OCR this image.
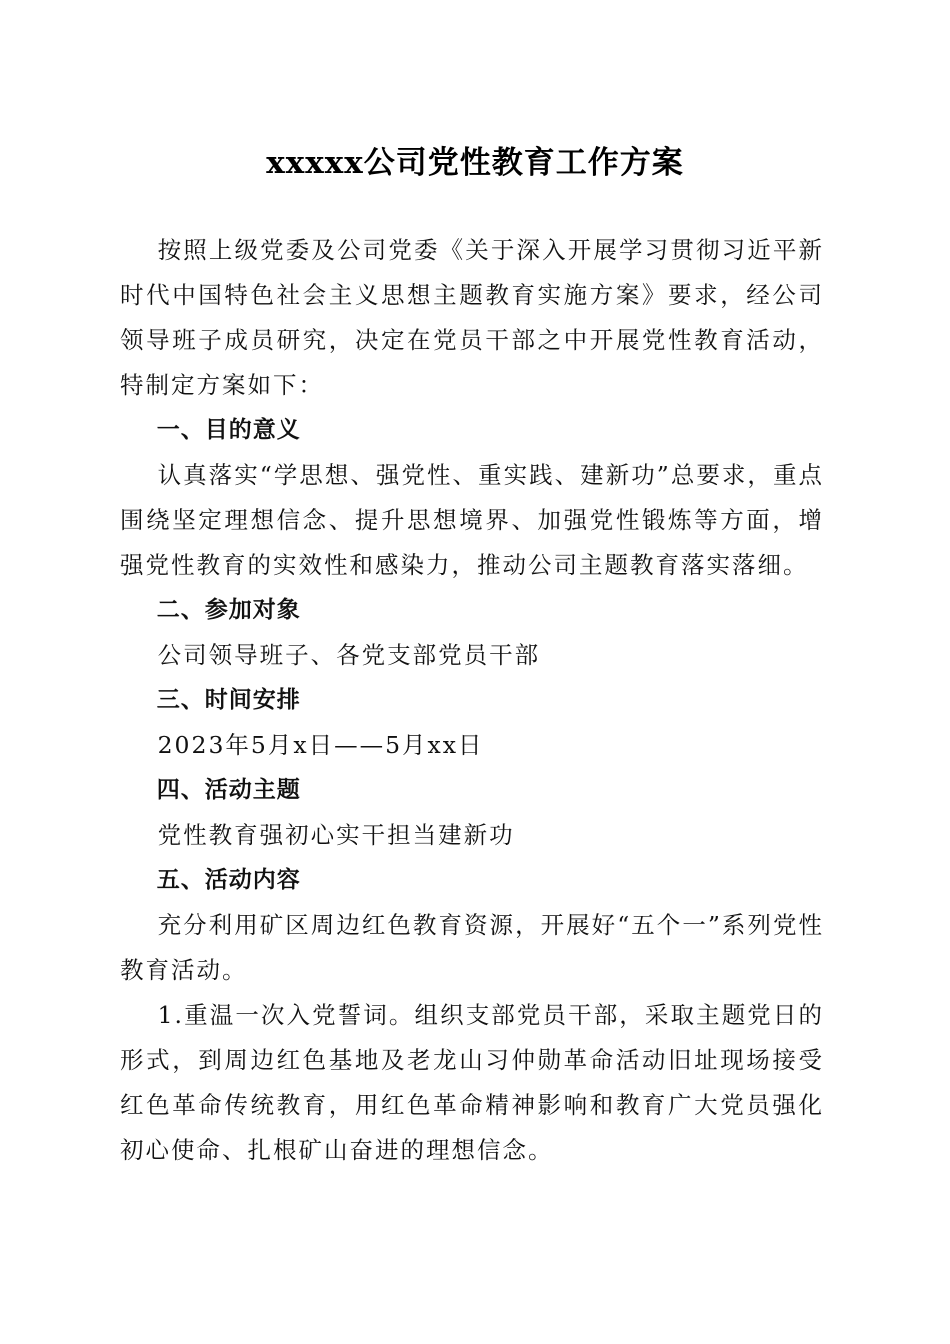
xxxxx公司党性教育工作方案

按照上级党委及公司党委《关于深入开展学习贯彻习近平新时代中国特色社会主义思想主题教育实施方案》要求，经公司领导班子成员研究，决定在党员干部之中开展党性教育活动，特制定方案如下：

一、目的意义

认真落实“学思想、强党性、重实践、建新功”总要求，重点围绕坚定理想信念、提升思想境界、加强党性锻炼等方面，增强党性教育的实效性和感染力，推动公司主题教育落实落细。

二、参加对象

公司领导班子、各党支部党员干部

三、时间安排

2023年5月x日——5月xx日

四、活动主题

党性教育强初心实干担当建新功

五、活动内容

充分利用矿区周边红色教育资源，开展好“五个一”系列党性教育活动。

1.重温一次入党誓词。组织支部党员干部，采取主题党日的形式，到周边红色基地及老龙山习仲勋革命活动旧址现场接受红色革命传统教育，用红色革命精神影响和教育广大党员强化初心使命、扎根矿山奋进的理想信念。
